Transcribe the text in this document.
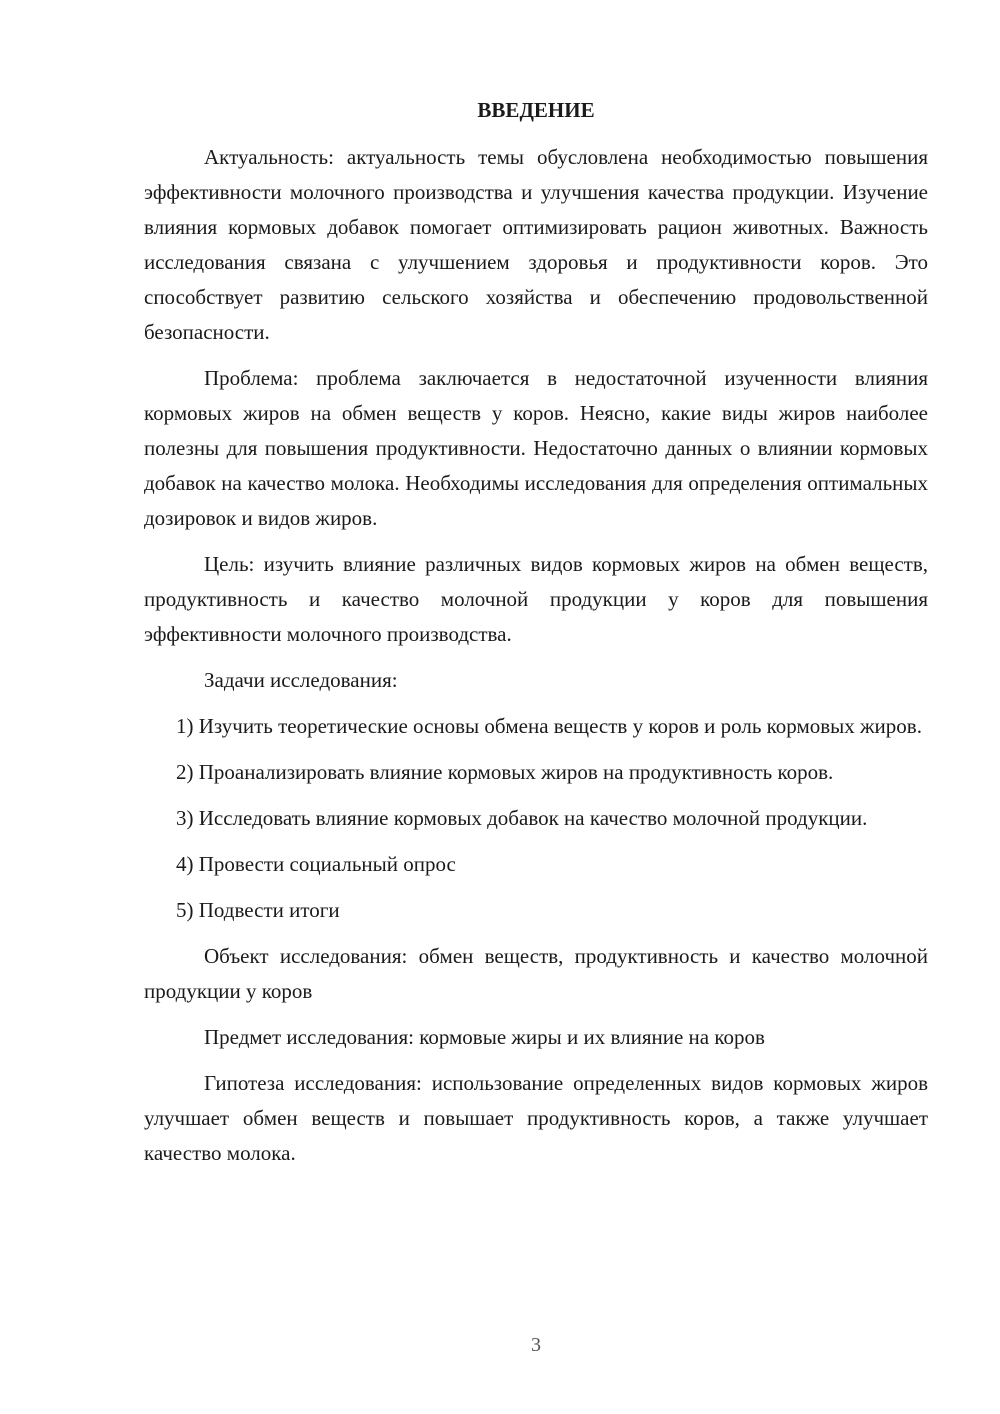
ВВЕДЕНИЕ

Актуальность: актуальность темы обусловлена необходимостью повышения эффективности молочного производства и улучшения качества продукции. Изучение влияния кормовых добавок помогает оптимизировать рацион животных. Важность исследования связана с улучшением здоровья и продуктивности коров. Это способствует развитию сельского хозяйства и обеспечению продовольственной безопасности.

Проблема: проблема заключается в недостаточной изученности влияния кормовых жиров на обмен веществ у коров. Неясно, какие виды жиров наиболее полезны для повышения продуктивности. Недостаточно данных о влиянии кормовых добавок на качество молока. Необходимы исследования для определения оптимальных дозировок и видов жиров.

Цель: изучить влияние различных видов кормовых жиров на обмен веществ, продуктивность и качество молочной продукции у коров для повышения эффективности молочного производства.

Задачи исследования:

1) Изучить теоретические основы обмена веществ у коров и роль кормовых жиров.

2) Проанализировать влияние кормовых жиров на продуктивность коров.

3) Исследовать влияние кормовых добавок на качество молочной продукции.

4) Провести социальный опрос

5) Подвести итоги

Объект исследования: обмен веществ, продуктивность и качество молочной продукции у коров

Предмет исследования: кормовые жиры и их влияние на коров

Гипотеза исследования: использование определенных видов кормовых жиров улучшает обмен веществ и повышает продуктивность коров, а также улучшает качество молока.

3
